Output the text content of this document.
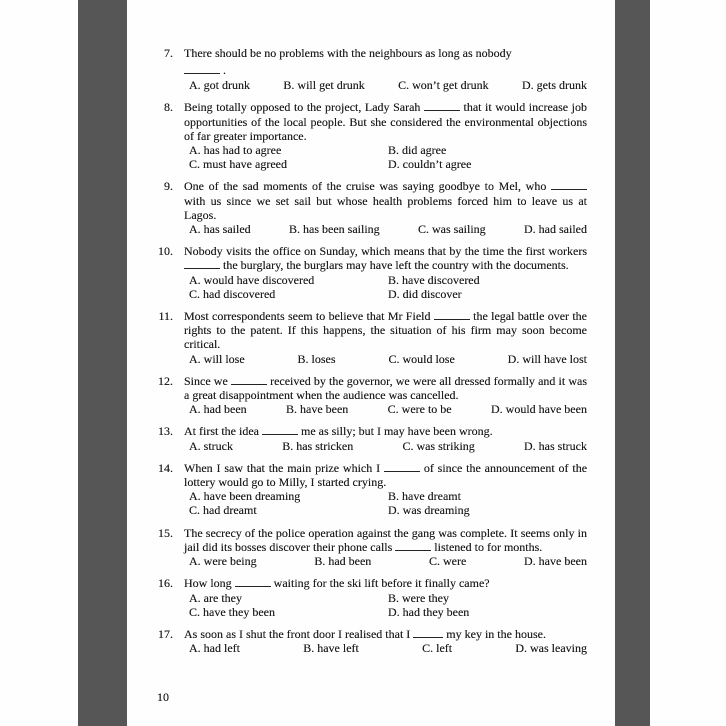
7. There should be no problems with the neighbours as long as nobody
.
A. got drunk	B. will get drunk	C. won’t get drunk	D. gets drunk
8. Being totally opposed to the project, Lady Sarah	that it would increase job opportunities of the local people. But she considered the environmental objections of far greater importance.
A. has had to agree	B. did agree
C. must have agreed	D. couldn’t agree
9. One of the sad moments of the cruise was saying goodbye to Mel, who  with us since we set sail but whose health problems forced him to leave us at Lagos.
A. has sailed	B. has been sailing	C. was sailing	D. had sailed
10. Nobody visits the office on Sunday, which means that by the time the first workers  the burglary, the burglars may have left the country with the documents.
A. would have discovered	B. have discovered
C. had discovered	D. did discover
11. Most correspondents seem to believe that Mr Field	the legal battle over the rights to the patent. If this happens, the situation of his firm may soon become critical.
A. will lose	B. loses	C. would lose	D. will have lost
12. Since we	received by the governor, we were all dressed formally and it was a great disappointment when the audience was cancelled.
A. had been	B. have been	C. were to be	D. would have been
13. At first the idea	me as silly; but I may have been wrong.
A. struck	B. has stricken	C. was striking	D. has struck
14. When I saw that the main prize which I	of since the announcement of the lottery would go to Milly, I started crying.
A. have been dreaming	B. have dreamt
C. had dreamt	D. was dreaming
15. The secrecy of the police operation against the gang was complete. It seems only in jail did its bosses discover their phone calls	listened to for months.
A. were being	B. had been	C. were	D. have been
16. How long	waiting for the ski lift before it finally came?
A. are they	B. were they
C. have they been	D. had they been
17. As soon as I shut the front door I realised that I	my key in the house.
A. had left	B. have left	C. left	D. was leaving
10
